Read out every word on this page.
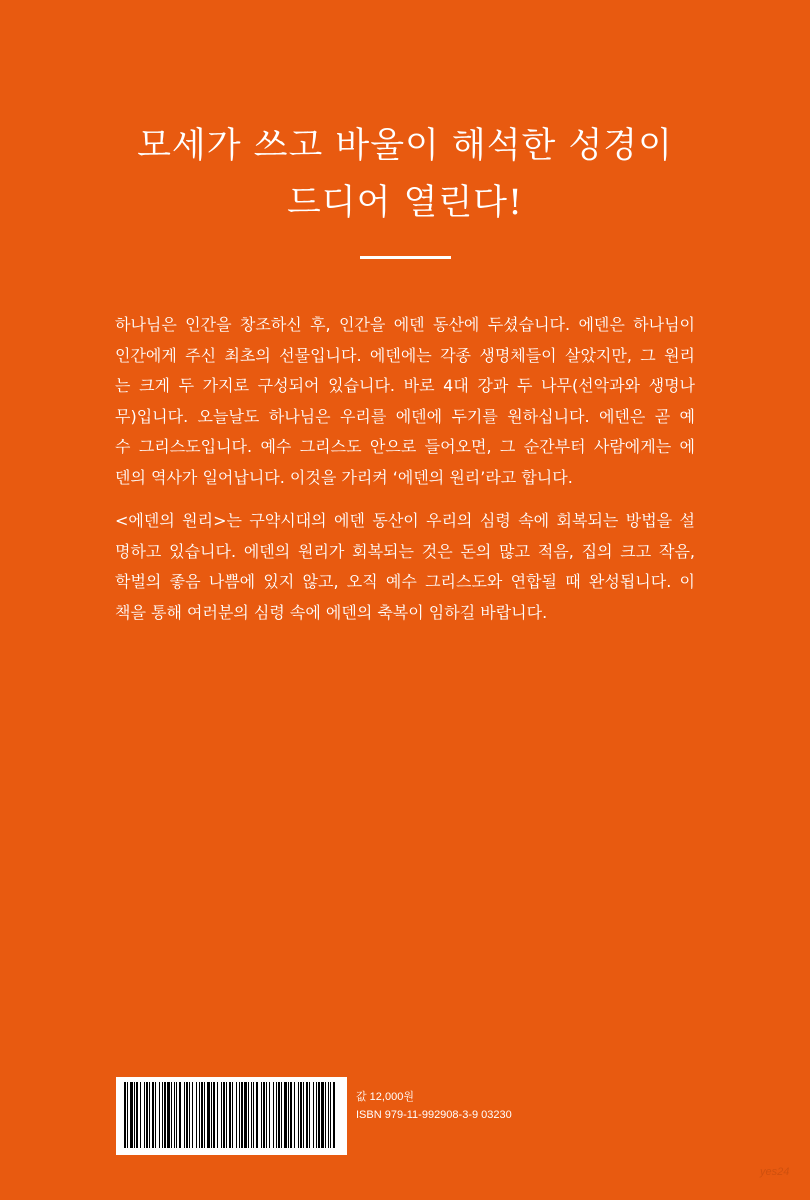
모세가 쓰고 바울이 해석한 성경이
드디어 열린다!
하나님은 인간을 창조하신 후, 인간을 에덴 동산에 두셨습니다. 에덴은 하나님이
인간에게 주신 최초의 선물입니다. 에덴에는 각종 생명체들이 살았지만, 그 원리
는 크게 두 가지로 구성되어 있습니다. 바로 4대 강과 두 나무(선악과와 생명나
무)입니다. 오늘날도 하나님은 우리를 에덴에 두기를 원하십니다. 에덴은 곧 예
수 그리스도입니다. 예수 그리스도 안으로 들어오면, 그 순간부터 사람에게는 에
덴의 역사가 일어납니다. 이것을 가리켜 ‘에덴의 원리’라고 합니다.
<에덴의 원리>는 구약시대의 에덴 동산이 우리의 심령 속에 회복되는 방법을 설
명하고 있습니다. 에덴의 원리가 회복되는 것은 돈의 많고 적음, 집의 크고 작음,
학벌의 좋음 나쁨에 있지 않고, 오직 예수 그리스도와 연합될 때 완성됩니다. 이
책을 통해 여러분의 심령 속에 에덴의 축복이 임하길 바랍니다.
값 12,000원
ISBN 979-11-992908-3-9 03230
yes24
